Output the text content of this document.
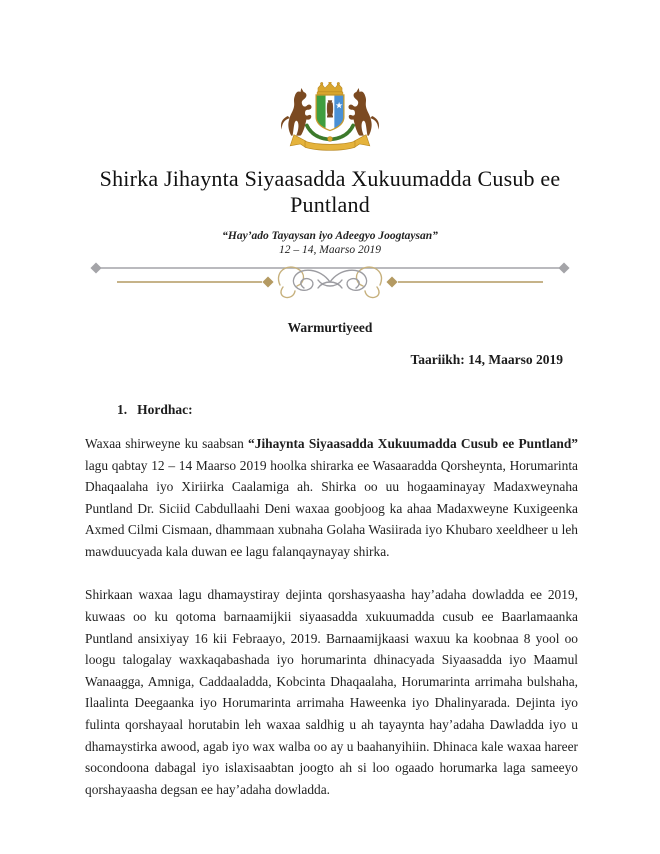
Shirka Jihaynta Siyaasadda Xukuumadda Cusub ee
Puntland
“Hay’ado Tayaysan iyo Adeegyo Joogtaysan”
12 – 14, Maarso 2019
Warmurtiyeed
Taariikh: 14, Maarso 2019
1. Hordhac:

Waxaa shirweyne ku saabsan “Jihaynta Siyaasadda Xukuumadda Cusub ee Puntland” lagu qabtay 12 – 14 Maarso 2019 hoolka shirarka ee Wasaaradda Qorsheynta, Horumarinta Dhaqaalaha iyo Xiriirka Caalamiga ah. Shirka oo uu hogaaminayay Madaxweynaha Puntland Dr. Siciid Cabdullaahi Deni waxaa goobjoog ka ahaa Madaxweyne Kuxigeenka Axmed Cilmi Cismaan, dhammaan xubnaha Golaha Wasiirada iyo Khubaro xeeldheer u leh mawduucyada kala duwan ee lagu falanqaynayay shirka.

Shirkaan waxaa lagu dhamaystiray dejinta qorshasyaasha hay’adaha dowladda ee 2019, kuwaas oo ku qotoma barnaamijkii siyaasadda xukuumadda cusub ee Baarlamaanka Puntland ansixiyay 16 kii Febraayo, 2019. Barnaamijkaasi waxuu ka koobnaa 8 yool oo loogu talogalay waxkaqabashada iyo horumarinta dhinacyada Siyaasadda iyo Maamul Wanaagga, Amniga, Caddaaladda, Kobcinta Dhaqaalaha, Horumarinta arrimaha bulshaha, Ilaalinta Deegaanka iyo Horumarinta arrimaha Haweenka iyo Dhalinyarada. Dejinta iyo fulinta qorshayaal horutabin leh waxaa saldhig u ah tayaynta hay’adaha Dawladda iyo u dhamaystirka awood, agab iyo wax walba oo ay u baahanyihiin. Dhinaca kale waxaa hareer socondoona dabagal iyo islaxisaabtan joogto ah si loo ogaado horumarka laga sameeyo qorshayaasha degsan ee hay’adaha dowladda.
